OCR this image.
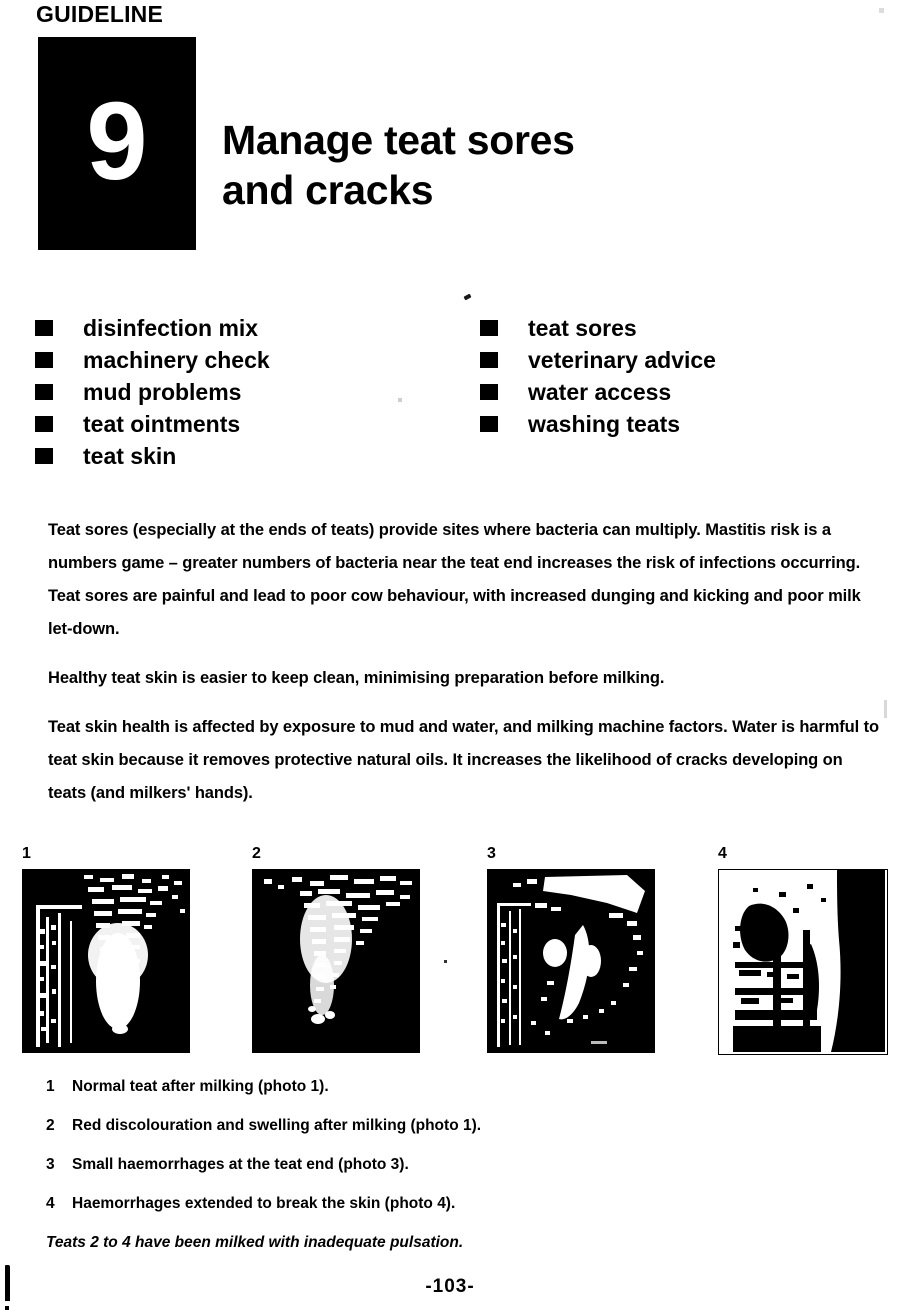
GUIDELINE
9	Manage teat sores
and cracks
disinfection mix
machinery check
mud problems
teat ointments
teat skin
teat sores
veterinary advice
water access
washing teats

Teat sores (especially at the ends of teats) provide sites where bacteria can multiply. Mastitis risk is a numbers game – greater numbers of bacteria near the teat end increases the risk of infections occurring. Teat sores are painful and lead to poor cow behaviour, with increased dunging and kicking and poor milk let-down.

Healthy teat skin is easier to keep clean, minimising preparation before milking.

Teat skin health is affected by exposure to mud and water, and milking machine factors. Water is harmful to teat skin because it removes protective natural oils. It increases the likelihood of cracks developing on teats (and milkers' hands).

1	2	3	4
1	Normal teat after milking (photo 1).
2	Red discolouration and swelling after milking (photo 1).
3	Small haemorrhages at the teat end (photo 3).
4	Haemorrhages extended to break the skin (photo 4).
Teats 2 to 4 have been milked with inadequate pulsation.
-103-
